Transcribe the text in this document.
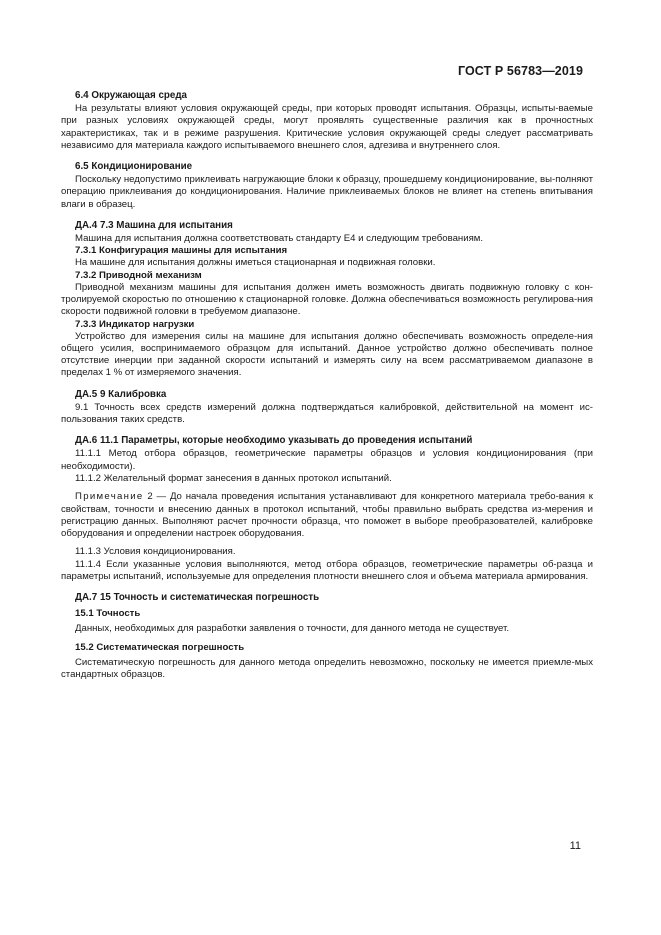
ГОСТ Р 56783—2019
6.4 Окружающая среда

На результаты влияют условия окружающей среды, при которых проводят испытания. Образцы, испыты-ваемые при разных условиях окружающей среды, могут проявлять существенные различия как в прочностных характеристиках, так и в режиме разрушения. Критические условия окружающей среды следует рассматривать независимо для материала каждого испытываемого внешнего слоя, адгезива и внутреннего слоя.

6.5 Кондиционирование

Поскольку недопустимо приклеивать нагружающие блоки к образцу, прошедшему кондиционирование, вы-полняют операцию приклеивания до кондиционирования. Наличие приклеиваемых блоков не влияет на степень впитывания влаги в образец.

ДА.4 7.3 Машина для испытания

Машина для испытания должна соответствовать стандарту E4 и следующим требованиям.

7.3.1 Конфигурация машины для испытания

На машине для испытания должны иметься стационарная и подвижная головки.

7.3.2 Приводной механизм

Приводной механизм машины для испытания должен иметь возможность двигать подвижную головку с кон-тролируемой скоростью по отношению к стационарной головке. Должна обеспечиваться возможность регулирова-ния скорости подвижной головки в требуемом диапазоне.

7.3.3 Индикатор нагрузки

Устройство для измерения силы на машине для испытания должно обеспечивать возможность определе-ния общего усилия, воспринимаемого образцом для испытаний. Данное устройство должно обеспечивать полное отсутствие инерции при заданной скорости испытаний и измерять силу на всем рассматриваемом диапазоне в пределах 1 % от измеряемого значения.

ДА.5 9 Калибровка

9.1 Точность всех средств измерений должна подтверждаться калибровкой, действительной на момент ис-пользования таких средств.

ДА.6 11.1 Параметры, которые необходимо указывать до проведения испытаний

11.1.1 Метод отбора образцов, геометрические параметры образцов и условия кондиционирования (при необходимости).

11.1.2 Желательный формат занесения в данных протокол испытаний.

Примечание 2 — До начала проведения испытания устанавливают для конкретного материала требо-вания к свойствам, точности и внесению данных в протокол испытаний, чтобы правильно выбрать средства из-мерения и регистрацию данных. Выполняют расчет прочности образца, что поможет в выборе преобразователей, калибровке оборудования и определении настроек оборудования.

11.1.3 Условия кондиционирования.

11.1.4 Если указанные условия выполняются, метод отбора образцов, геометрические параметры об-разца и параметры испытаний, используемые для определения плотности внешнего слоя и объема материала армирования.

ДА.7 15 Точность и систематическая погрешность
15.1 Точность

Данных, необходимых для разработки заявления о точности, для данного метода не существует.

15.2 Систематическая погрешность

Систематическую погрешность для данного метода определить невозможно, поскольку не имеется приемле-мых стандартных образцов.

11
